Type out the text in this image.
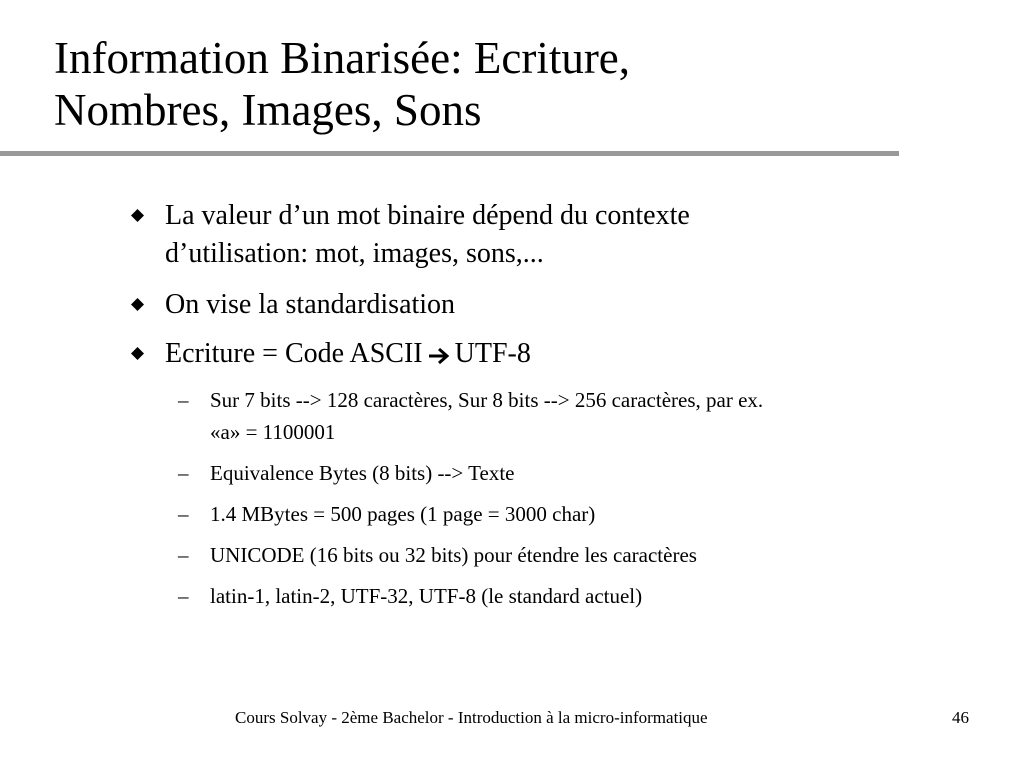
Information Binarisée: Ecriture,
Nombres, Images, Sons

La valeur d’un mot binaire dépend du contexte
d’utilisation: mot, images, sons,...

On vise la standardisation

Ecriture = Code ASCII UTF-8

– Sur 7 bits --> 128 caractères, Sur 8 bits --> 256 caractères, par ex.
«a» = 1100001

– Equivalence Bytes (8 bits) --> Texte

– 1.4 MBytes = 500 pages (1 page = 3000 char)

– UNICODE (16 bits ou 32 bits) pour étendre les caractères

– latin-1, latin-2, UTF-32, UTF-8 (le standard actuel)

Cours Solvay - 2ème Bachelor - Introduction à la micro-informatique	46
